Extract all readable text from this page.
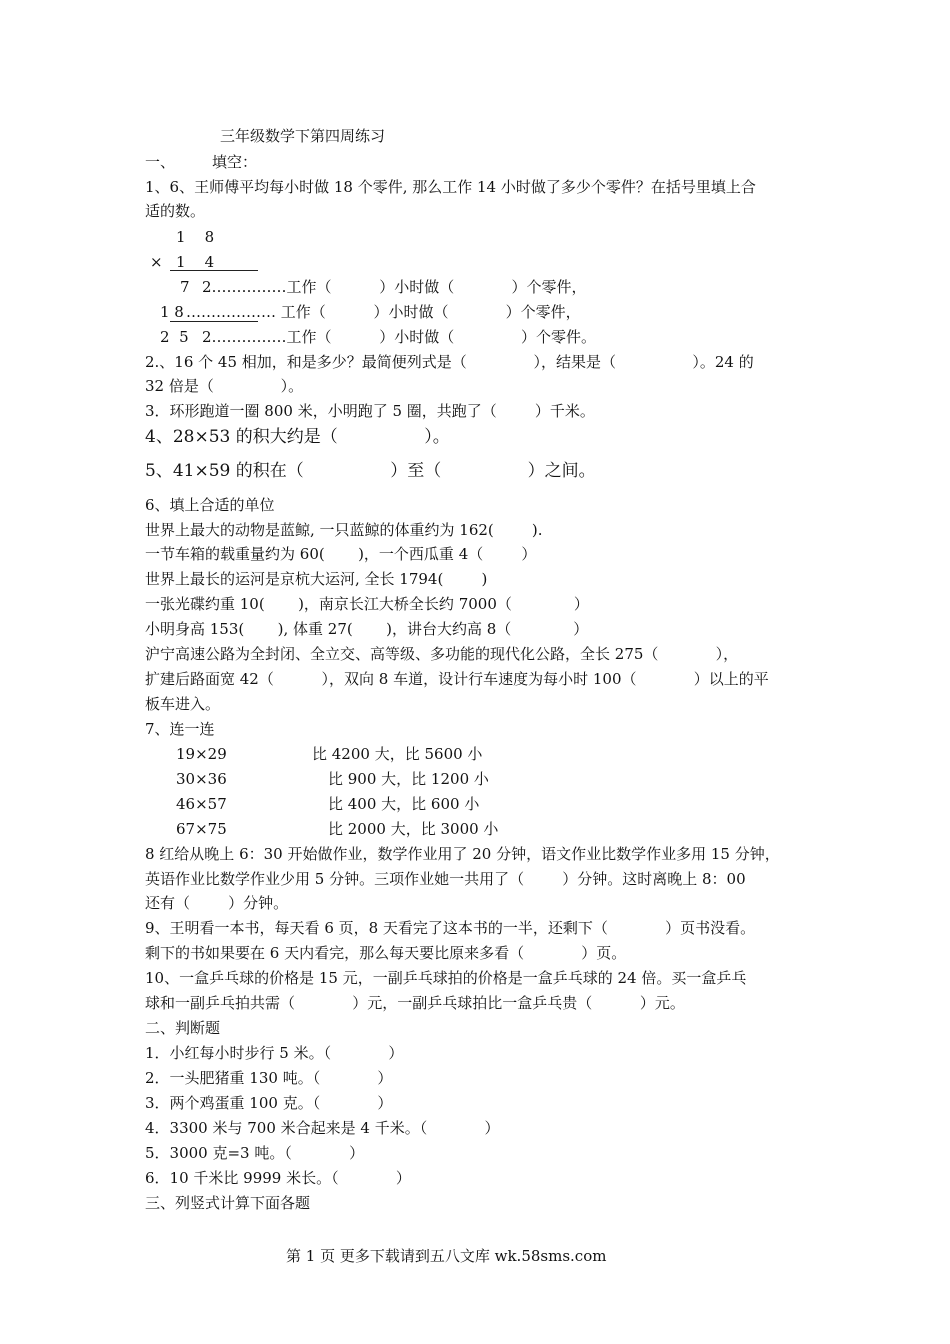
三年级数学下第四周练习
一、 填空：
1、6、王师傅平均每小时做 18 个零件, 那么工作 14 小时做了多少个零件？在括号里填上合
适的数。
1    8
× 1    4
7 2……………工作（          ）小时做（            ）个零件，
1 8 ……………… 工作（          ）小时做（            ）个零件，
2  5 2……………工作（          ）小时做（              ）个零件。
2.、16 个 45 相加，和是多少？最简便列式是（              ），结果是（                ）。24 的
32 倍是（              ）。
3．环形跑道一圈 800 米，小明跑了 5 圈，共跑了（        ）千米。
4、28×53 的积大约是（                ）。
5、41×59 的积在（                ）至（                ）之间。
6、填上合适的单位
世界上最大的动物是蓝鲸, 一只蓝鲸的体重约为 162(        ).
一节车箱的载重量约为 60(       )，一个西瓜重 4（        ）
世界上最长的运河是京杭大运河, 全长 1794(        )
一张光碟约重 10(       )，南京长江大桥全长约 7000（             ）
小明身高 153(       ), 体重 27(       )，讲台大约高 8（             ）
沪宁高速公路为全封闭、全立交、高等级、多功能的现代化公路，全长 275（            ），
扩建后路面宽 42（          ），双向 8 车道，设计行车速度为每小时 100（            ）以上的平
板车进入。
7、连一连
19×29	比 4200 大，比 5600 小
30×36	比 900 大，比 1200 小
46×57	比 400 大，比 600 小
67×75	比 2000 大，比 3000 小
8 红给从晚上 6：30 开始做作业，数学作业用了 20 分钟，语文作业比数学作业多用 15 分钟，
英语作业比数学作业少用 5 分钟。三项作业她一共用了（        ）分钟。这时离晚上 8：00
还有（        ）分钟。
9、王明看一本书，每天看 6 页，8 天看完了这本书的一半，还剩下（            ）页书没看。
剩下的书如果要在 6 天内看完，那么每天要比原来多看（            ）页。
10、一盒乒乓球的价格是 15 元，一副乒乓球拍的价格是一盒乒乓球的 24 倍。买一盒乒乓
球和一副乒乓拍共需（            ）元，一副乒乓球拍比一盒乒乓贵（          ）元。
二、判断题
1．小红每小时步行 5 米。（            ）
2．一头肥猪重 130 吨。（            ）
3．两个鸡蛋重 100 克。（            ）
4．3300 米与 700 米合起来是 4 千米。（            ）
5．3000 克=3 吨。（            ）
6．10 千米比 9999 米长。（            ）
三、列竖式计算下面各题
第 1 页 更多下载请到五八文库 wk.58sms.com
